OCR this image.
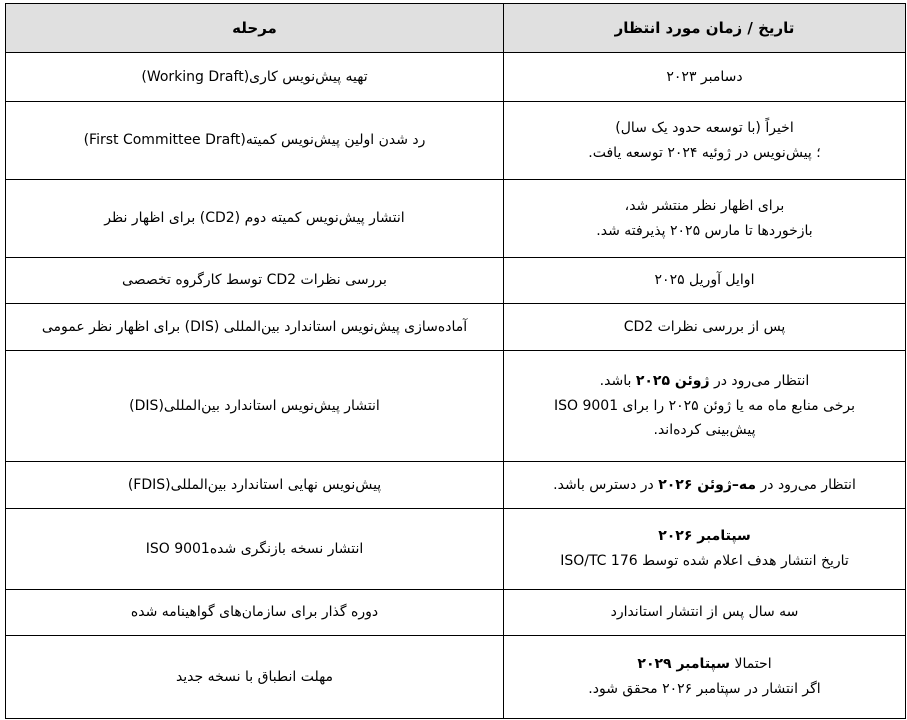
تاریخ / زمان مورد انتظار	مرحله

دسامبر ۲۰۲۳	تهیه پیش‌نویس کاری(Working Draft)

اخیراً (با توسعه حدود یک سال)
؛ پیش‌نویس در ژوئیه ۲۰۲۴ توسعه یافت.	رد شدن اولین پیش‌نویس کمیته(First Committee Draft)

برای اظهار نظر منتشر شد،
بازخوردها تا مارس ۲۰۲۵ پذیرفته شد.	انتشار پیش‌نویس کمیته دوم (CD2) برای اظهار نظر

اوایل آوریل ۲۰۲۵	بررسی نظرات CD2 توسط کارگروه تخصصی

پس از بررسی نظرات CD2	آماده‌سازی پیش‌نویس استاندارد بین‌المللی (DIS) برای اظهار نظر عمومی

انتظار می‌رود در ژوئن ۲۰۲۵ باشد.
برخی منابع ماه مه یا ژوئن ۲۰۲۵ را برای ISO 9001
پیش‌بینی کرده‌اند.	انتشار پیش‌نویس استاندارد بین‌المللی(DIS)

انتظار می‌رود در مه–ژوئن ۲۰۲۶ در دسترس باشد.	پیش‌نویس نهایی استاندارد بین‌المللی(FDIS)

سپتامبر ۲۰۲۶
تاریخ انتشار هدف اعلام شده توسط ISO/TC 176	انتشار نسخه بازنگری شدهISO 9001

سه سال پس از انتشار استاندارد	دوره گذار برای سازمان‌های گواهینامه شده

احتمالا سپتامبر ۲۰۲۹
اگر انتشار در سپتامبر ۲۰۲۶ محقق شود.	مهلت انطباق با نسخه جدید
